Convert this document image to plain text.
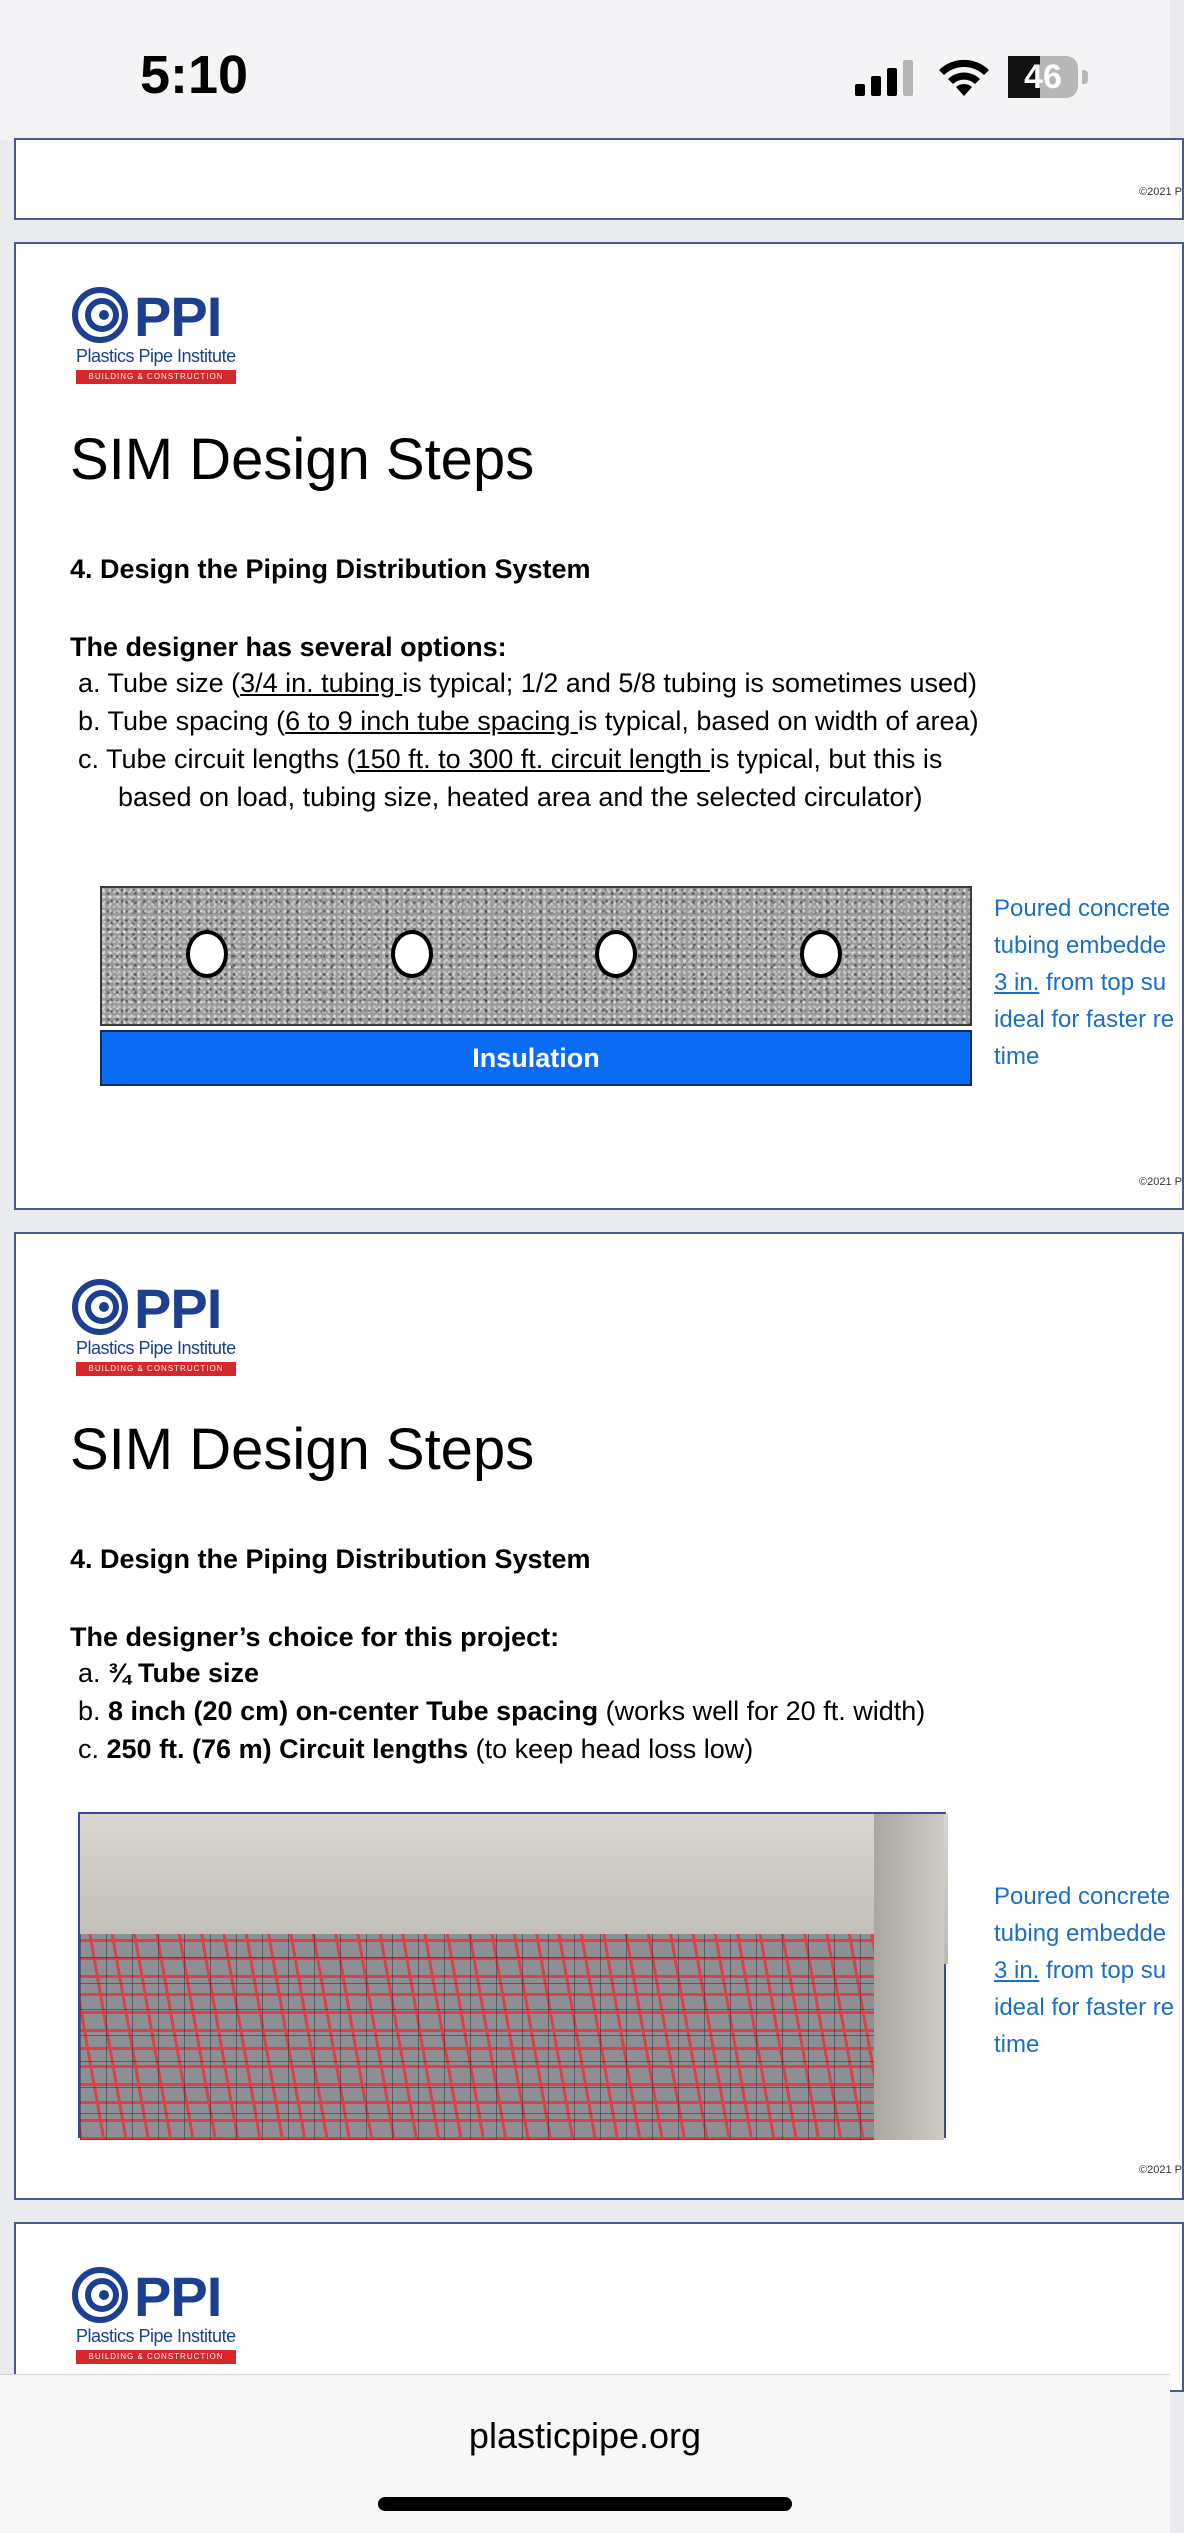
5:10	46
©2021 P
PPI
Plastics Pipe Institute
BUILDING & CONSTRUCTION
SIM Design Steps
4. Design the Piping Distribution System
The designer has several options:
a. Tube size (3/4 in. tubing is typical; 1/2 and 5/8 tubing is sometimes used)
b. Tube spacing (6 to 9 inch tube spacing is typical, based on width of area)
c. Tube circuit lengths (150 ft. to 300 ft. circuit length is typical, but this is
based on load, tubing size, heated area and the selected circulator)
Insulation
Poured concrete
tubing embedde
3 in. from top su
ideal for faster re
time
©2021 P
PPI
Plastics Pipe Institute
BUILDING & CONSTRUCTION
SIM Design Steps
4. Design the Piping Distribution System
The designer’s choice for this project:
a. ¾ Tube size
b. 8 inch (20 cm) on-center Tube spacing (works well for 20 ft. width)
c. 250 ft. (76 m) Circuit lengths (to keep head loss low)
Poured concrete
tubing embedde
3 in. from top su
ideal for faster re
time
©2021 P
PPI
Plastics Pipe Institute
BUILDING & CONSTRUCTION
plasticpipe.org
